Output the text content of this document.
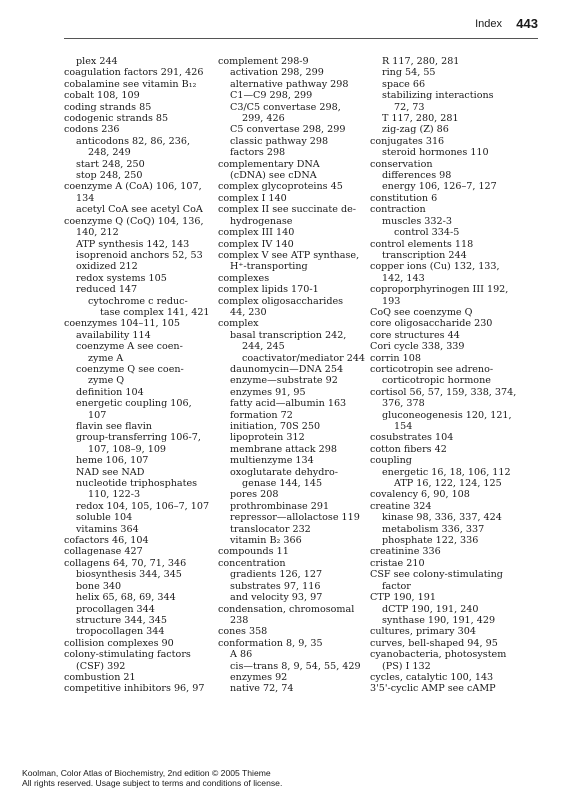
Index 443
plex 244
coagulation factors 291, 426
cobalamine see vitamin B₁₂
cobalt 108, 109
coding strands 85
codogenic strands 85
codons 236
anticodons 82, 86, 236,
248, 249
start 248, 250
stop 248, 250
coenzyme A (CoA) 106, 107,
134
acetyl CoA see acetyl CoA
coenzyme Q (CoQ) 104, 136,
140, 212
ATP synthesis 142, 143
isoprenoid anchors 52, 53
oxidized 212
redox systems 105
reduced 147
cytochrome c reduc-
tase complex 141, 421
coenzymes 104–11, 105
availability 114
coenzyme A see coen-
zyme A
coenzyme Q see coen-
zyme Q
definition 104
energetic coupling 106,
107
flavin see flavin
group-transferring 106-7,
107, 108–9, 109
heme 106, 107
NAD see NAD
nucleotide triphosphates
110, 122-3
redox 104, 105, 106–7, 107
soluble 104
vitamins 364
cofactors 46, 104
collagenase 427
collagens 64, 70, 71, 346
biosynthesis 344, 345
bone 340
helix 65, 68, 69, 344
procollagen 344
structure 344, 345
tropocollagen 344
collision complexes 90
colony-stimulating factors
(CSF) 392
combustion 21
competitive inhibitors 96, 97
complement 298-9
activation 298, 299
alternative pathway 298
C1—C9 298, 299
C3/C5 convertase 298,
299, 426
C5 convertase 298, 299
classic pathway 298
factors 298
complementary DNA
(cDNA) see cDNA
complex glycoproteins 45
complex I 140
complex II see succinate de-
hydrogenase
complex III 140
complex IV 140
complex V see ATP synthase,
H⁺-transporting
complexes
complex lipids 170-1
complex oligosaccharides
44, 230
complex
basal transcription 242,
244, 245
coactivator/mediator 244
daunomycin—DNA 254
enzyme—substrate 92
enzymes 91, 95
fatty acid—albumin 163
formation 72
initiation, 70S 250
lipoprotein 312
membrane attack 298
multienzyme 134
oxoglutarate dehydro-
genase 144, 145
pores 208
prothrombinase 291
repressor—allolactose 119
translocator 232
vitamin B₂ 366
compounds 11
concentration
gradients 126, 127
substrates 97, 116
and velocity 93, 97
condensation, chromosomal
238
cones 358
conformation 8, 9, 35
A 86
cis—trans 8, 9, 54, 55, 429
enzymes 92
native 72, 74
R 117, 280, 281
ring 54, 55
space 66
stabilizing interactions
72, 73
T 117, 280, 281
zig-zag (Z) 86
conjugates 316
steroid hormones 110
conservation
differences 98
energy 106, 126–7, 127
constitution 6
contraction
muscles 332-3
control 334-5
control elements 118
transcription 244
copper ions (Cu) 132, 133,
142, 143
coproporphyrinogen III 192,
193
CoQ see coenzyme Q
core oligosaccharide 230
core structures 44
Cori cycle 338, 339
corrin 108
corticotropin see adreno-
corticotropic hormone
cortisol 56, 57, 159, 338, 374,
376, 378
gluconeogenesis 120, 121,
154
cosubstrates 104
cotton fibers 42
coupling
energetic 16, 18, 106, 112
ATP 16, 122, 124, 125
covalency 6, 90, 108
creatine 324
kinase 98, 336, 337, 424
metabolism 336, 337
phosphate 122, 336
creatinine 336
cristae 210
CSF see colony-stimulating
factor
CTP 190, 191
dCTP 190, 191, 240
synthase 190, 191, 429
cultures, primary 304
curves, bell-shaped 94, 95
cyanobacteria, photosystem
(PS) I 132
cycles, catalytic 100, 143
3'5'-cyclic AMP see cAMP
Koolman, Color Atlas of Biochemistry, 2nd edition © 2005 Thieme
All rights reserved. Usage subject to terms and conditions of license.
